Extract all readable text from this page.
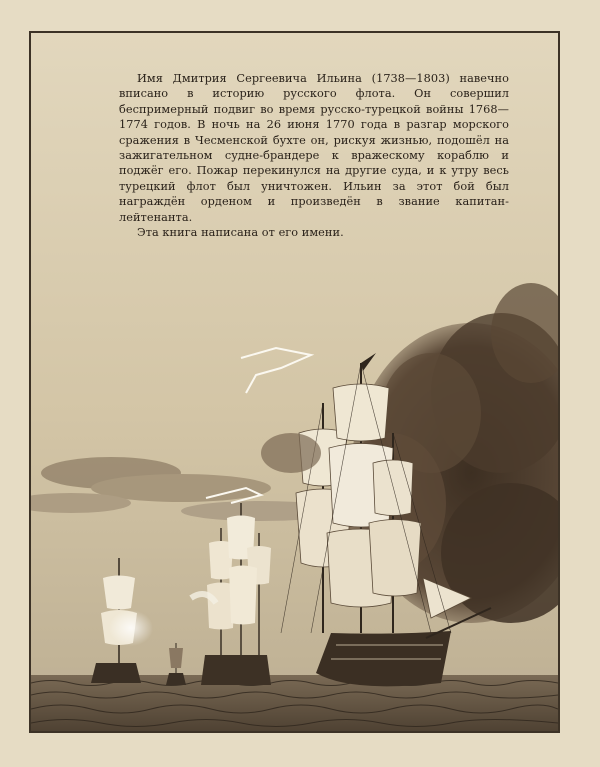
Имя Дмитрия Сергеевича Ильина (1738—1803) навечно вписано в историю русского флота. Он совершил беспримерный подвиг во время русско-турецкой войны 1768—1774 годов. В ночь на 26 июня 1770 года в разгар морского сражения в Чесменской бухте он, рискуя жизнью, подошёл на зажигательном судне-брандере к вражескому кораблю и поджёг его. Пожар перекинулся на другие суда, и к утру весь турецкий флот был уничтожен. Ильин за этот бой был награждён орденом и произведён в звание капитан-лейтенанта.

Эта книга написана от его имени.
